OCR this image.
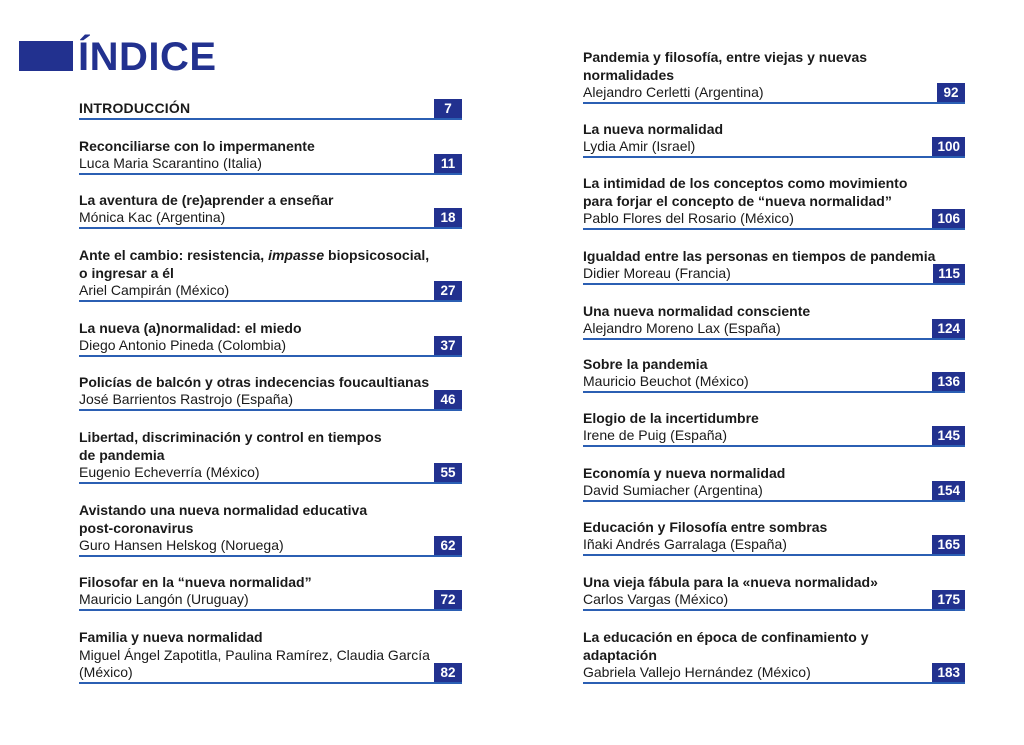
ÍNDICE
INTRODUCCIÓN	7
Reconciliarse con lo impermanente
Luca Maria Scarantino (Italia)	11
La aventura de (re)aprender a enseñar
Mónica Kac (Argentina)	18
Ante el cambio: resistencia, impasse biopsicosocial,
o ingresar a él
Ariel Campirán (México)	27
La nueva (a)normalidad: el miedo
Diego Antonio Pineda (Colombia)	37
Policías de balcón y otras indecencias foucaultianas
José Barrientos Rastrojo (España)	46
Libertad, discriminación y control en tiempos
de pandemia
Eugenio Echeverría (México)	55
Avistando una nueva normalidad educativa
post-coronavirus
Guro Hansen Helskog (Noruega)	62
Filosofar en la “nueva normalidad”
Mauricio Langón (Uruguay)	72
Familia y nueva normalidad
Miguel Ángel Zapotitla, Paulina Ramírez, Claudia García
(México)	82
Pandemia y filosofía, entre viejas y nuevas
normalidades
Alejandro Cerletti (Argentina)	92
La nueva normalidad
Lydia Amir (Israel)	100
La intimidad de los conceptos como movimiento
para forjar el concepto de “nueva normalidad”
Pablo Flores del Rosario (México)	106
Igualdad entre las personas en tiempos de pandemia
Didier Moreau (Francia)	115
Una nueva normalidad consciente
Alejandro Moreno Lax (España)	124
Sobre la pandemia
Mauricio Beuchot (México)	136
Elogio de la incertidumbre
Irene de Puig (España)	145
Economía y nueva normalidad
David Sumiacher (Argentina)	154
Educación y Filosofía entre sombras
Iñaki Andrés Garralaga (España)	165
Una vieja fábula para la «nueva normalidad»
Carlos Vargas (México)	175
La educación en época de confinamiento y
adaptación
Gabriela Vallejo Hernández (México)	183
